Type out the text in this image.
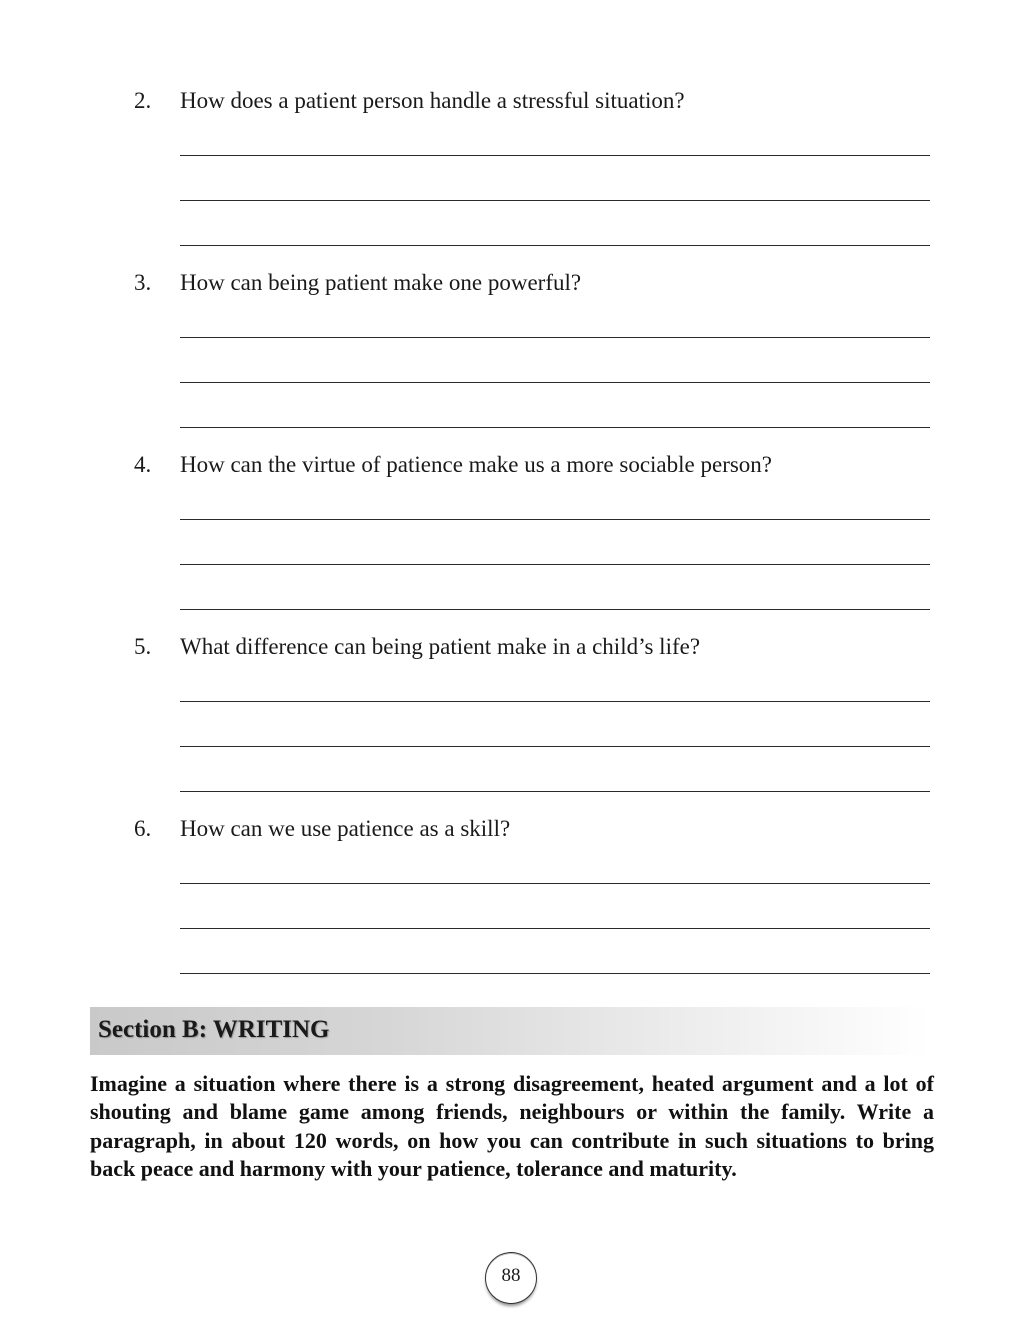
2. How does a patient person handle a stressful situation?
3. How can being patient make one powerful?
4. How can the virtue of patience make us a more sociable person?
5. What difference can being patient make in a child’s life?
6. How can we use patience as a skill?
Section B: WRITING
Imagine a situation where there is a strong disagreement, heated argument and a lot of shouting and blame game among friends, neighbours or within the family. Write a paragraph, in about 120 words, on how you can contribute in such situations to bring back peace and harmony with your patience, tolerance and maturity.
88
